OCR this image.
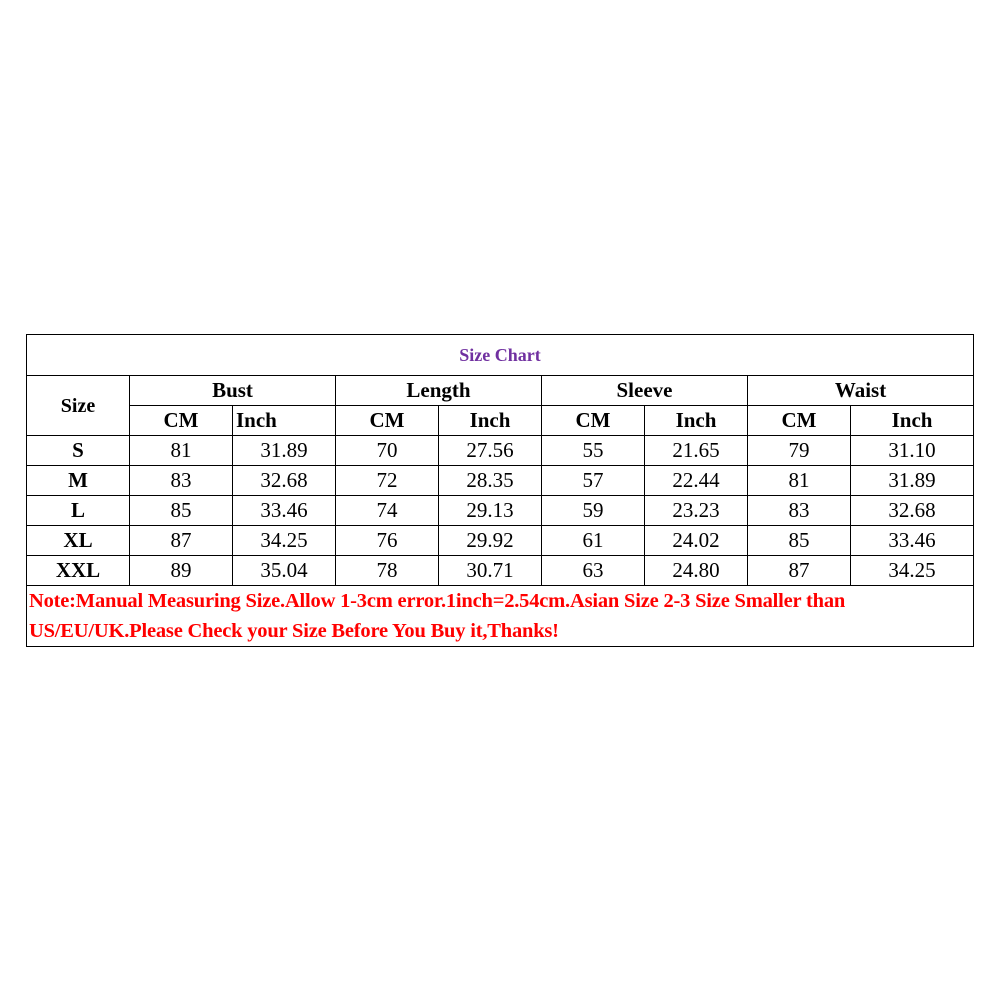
Size Chart								
Size	Bust		Length		Sleeve		Waist	
	CM	Inch	CM	Inch	CM	Inch	CM	Inch
S	81	31.89	70	27.56	55	21.65	79	31.10
M	83	32.68	72	28.35	57	22.44	81	31.89
L	85	33.46	74	29.13	59	23.23	83	32.68
XL	87	34.25	76	29.92	61	24.02	85	33.46
XXL	89	35.04	78	30.71	63	24.80	87	34.25
Note:Manual Measuring Size.Allow 1-3cm error.1inch=2.54cm.Asian Size 2-3 Size Smaller than US/EU/UK.Please Check your Size Before You Buy it,Thanks!								
